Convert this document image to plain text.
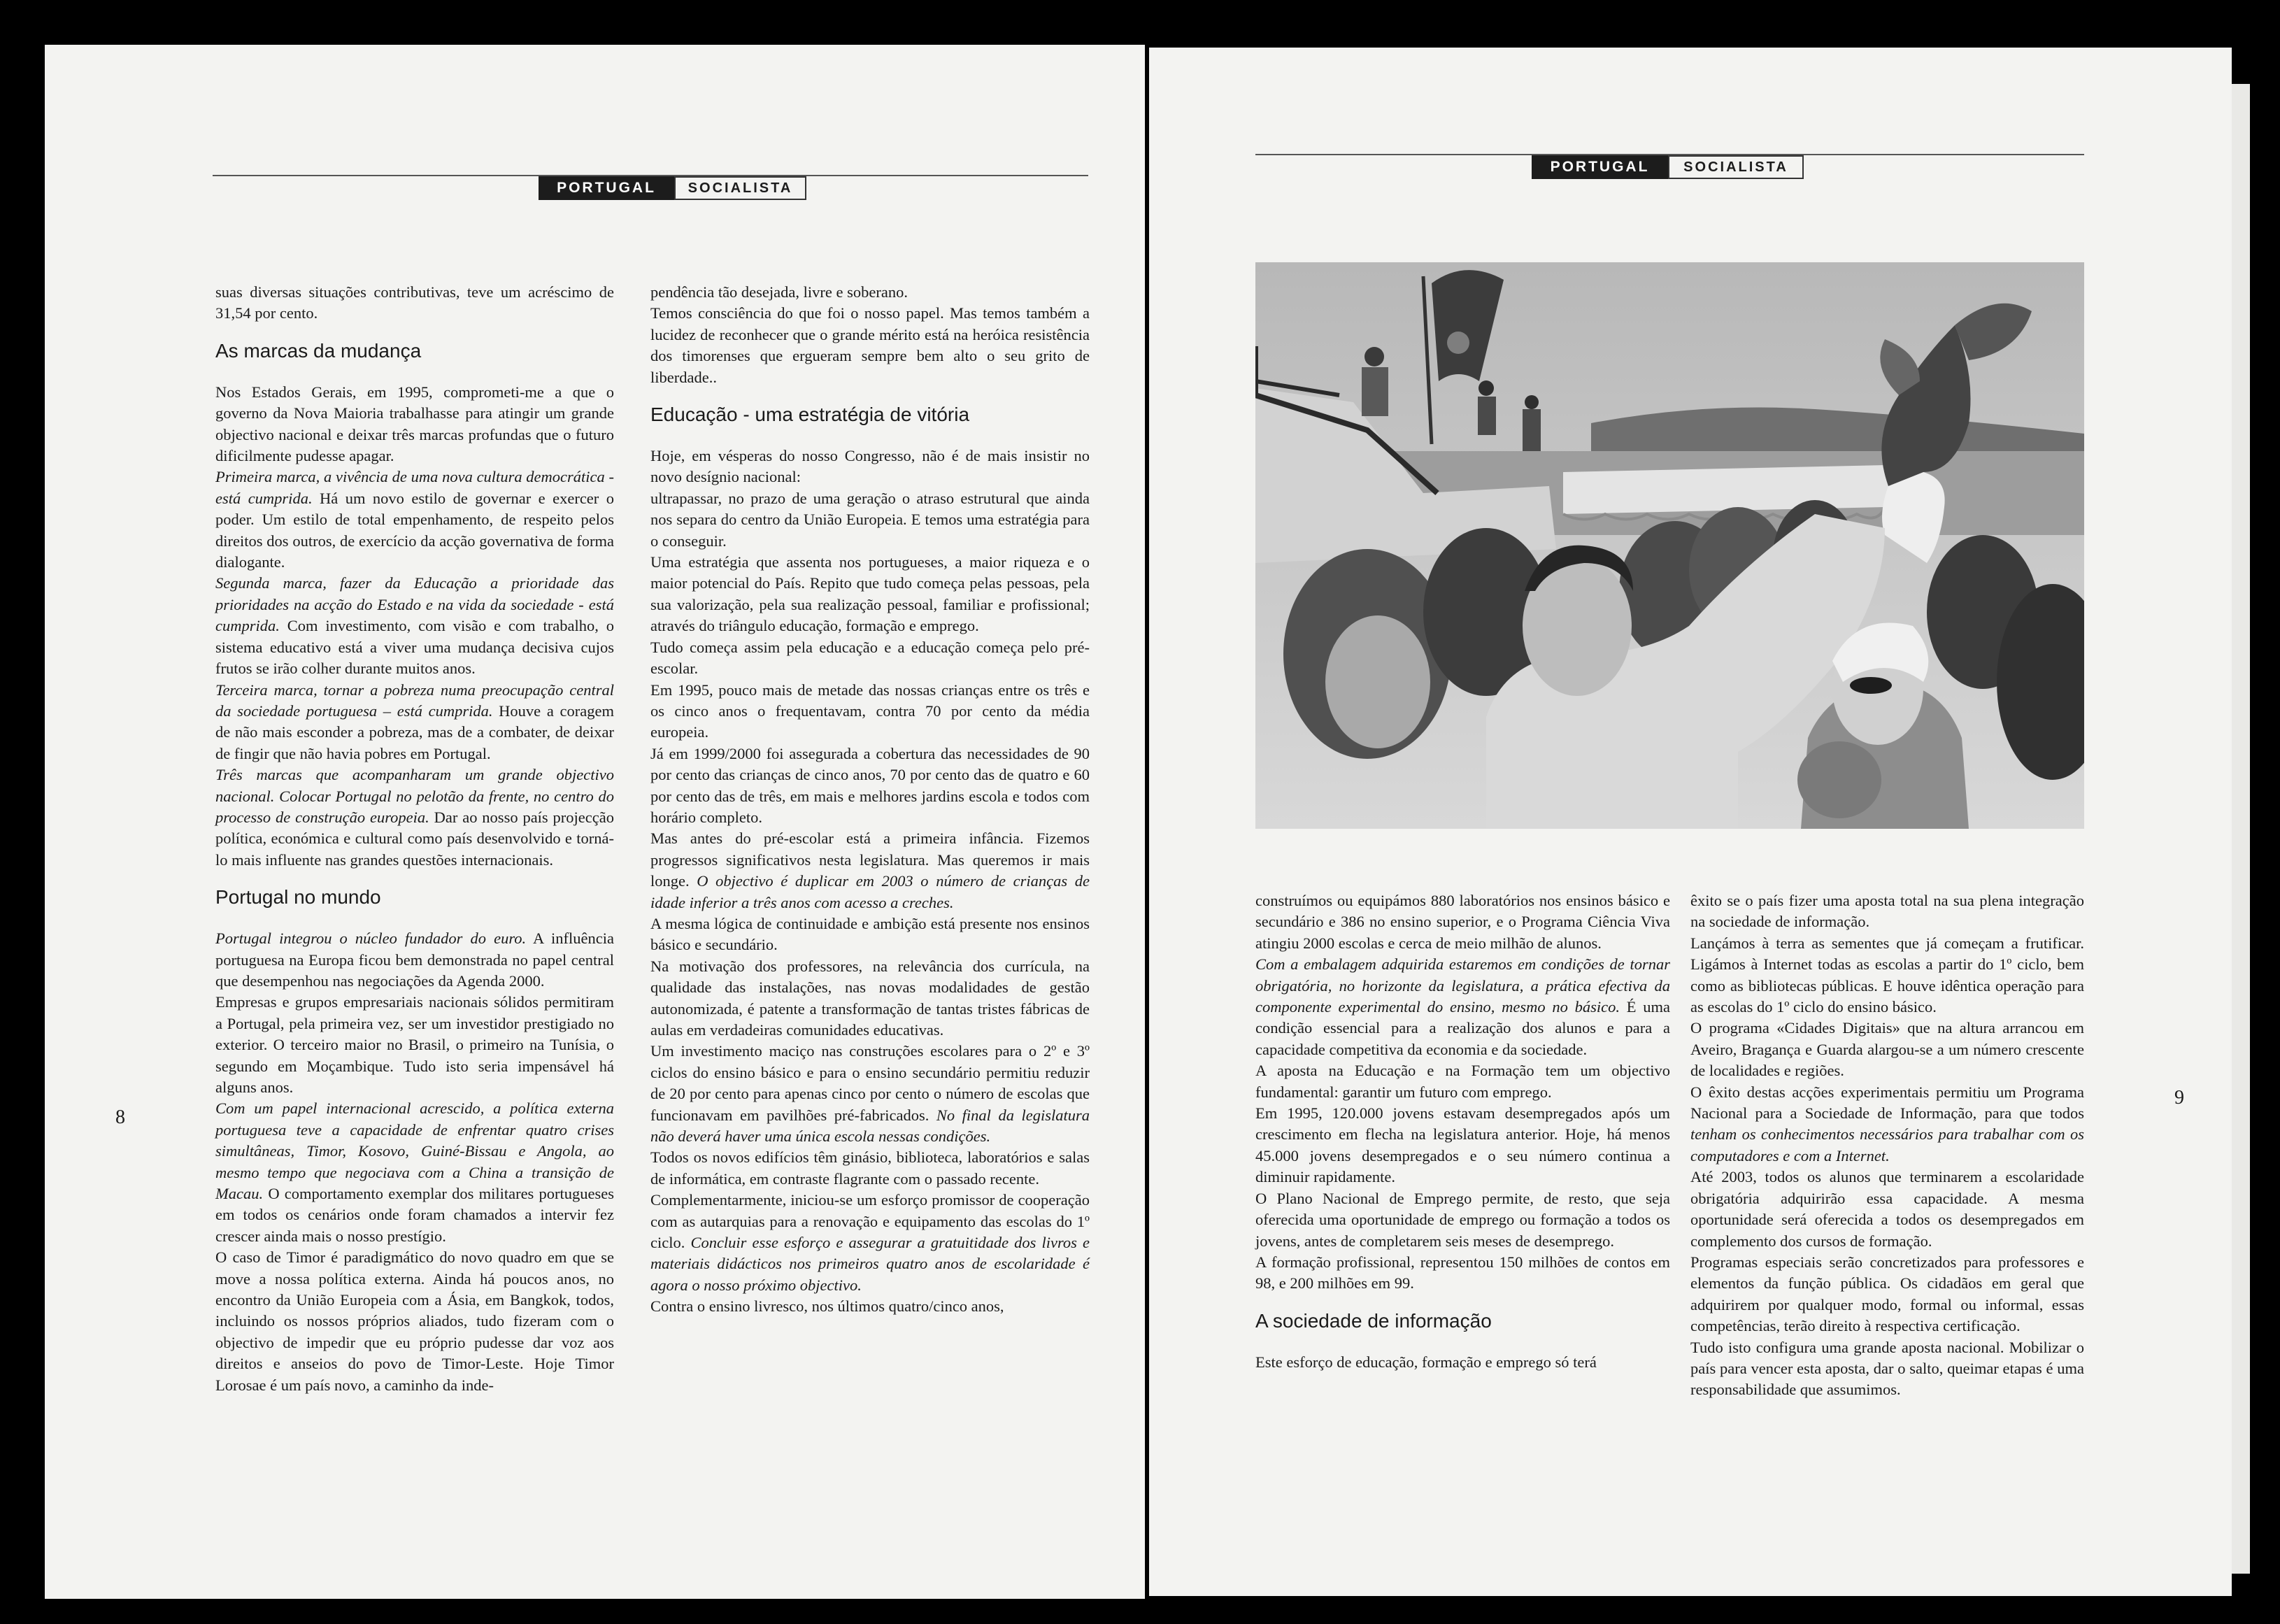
PORTUGAL	SOCIALISTA

suas diversas situações contributivas, teve um acréscimo de 31,54 por cento.

As marcas da mudança

Nos Estados Gerais, em 1995, comprometi-me a que o governo da Nova Maioria trabalhasse para atingir um grande objectivo nacional e deixar três marcas profundas que o futuro dificilmente pudesse apagar.

Primeira marca, a vivência de uma nova cultura democrática - está cumprida. Há um novo estilo de governar e exercer o poder. Um estilo de total empenhamento, de respeito pelos direitos dos outros, de exercício da acção governativa de forma dialogante.

Segunda marca, fazer da Educação a prioridade das prioridades na acção do Estado e na vida da sociedade - está cumprida. Com investimento, com visão e com trabalho, o sistema educativo está a viver uma mudança decisiva cujos frutos se irão colher durante muitos anos.

Terceira marca, tornar a pobreza numa preocupação central da sociedade portuguesa – está cumprida. Houve a coragem de não mais esconder a pobreza, mas de a combater, de deixar de fingir que não havia pobres em Portugal.

Três marcas que acompanharam um grande objectivo nacional. Colocar Portugal no pelotão da frente, no centro do processo de construção europeia. Dar ao nosso país projecção política, económica e cultural como país desenvolvido e torná-lo mais influente nas grandes questões internacionais.

Portugal no mundo

Portugal integrou o núcleo fundador do euro. A influência portuguesa na Europa ficou bem demonstrada no papel central que desempenhou nas negociações da Agenda 2000.

Empresas e grupos empresariais nacionais sólidos permitiram a Portugal, pela primeira vez, ser um investidor prestigiado no exterior. O terceiro maior no Brasil, o primeiro na Tunísia, o segundo em Moçambique. Tudo isto seria impensável há alguns anos.

Com um papel internacional acrescido, a política externa portuguesa teve a capacidade de enfrentar quatro crises simultâneas, Timor, Kosovo, Guiné-Bissau e Angola, ao mesmo tempo que negociava com a China a transição de Macau. O comportamento exemplar dos militares portugueses em todos os cenários onde foram chamados a intervir fez crescer ainda mais o nosso prestígio.

O caso de Timor é paradigmático do novo quadro em que se move a nossa política externa. Ainda há poucos anos, no encontro da União Europeia com a Ásia, em Bangkok, todos, incluindo os nossos próprios aliados, tudo fizeram com o objectivo de impedir que eu próprio pudesse dar voz aos direitos e anseios do povo de Timor-Leste. Hoje Timor Lorosae é um país novo, a caminho da inde-

pendência tão desejada, livre e soberano.

Temos consciência do que foi o nosso papel. Mas temos também a lucidez de reconhecer que o grande mérito está na heróica resistência dos timorenses que ergueram sempre bem alto o seu grito de liberdade..

Educação - uma estratégia de vitória

Hoje, em vésperas do nosso Congresso, não é de mais insistir no novo desígnio nacional:

ultrapassar, no prazo de uma geração o atraso estrutural que ainda nos separa do centro da União Europeia. E temos uma estratégia para o conseguir.

Uma estratégia que assenta nos portugueses, a maior riqueza e o maior potencial do País. Repito que tudo começa pelas pessoas, pela sua valorização, pela sua realização pessoal, familiar e profissional; através do triângulo educação, formação e emprego.

Tudo começa assim pela educação e a educação começa pelo pré-escolar.

Em 1995, pouco mais de metade das nossas crianças entre os três e os cinco anos o frequentavam, contra 70 por cento da média europeia.

Já em 1999/2000 foi assegurada a cobertura das necessidades de 90 por cento das crianças de cinco anos, 70 por cento das de quatro e 60 por cento das de três, em mais e melhores jardins escola e todos com horário completo.

Mas antes do pré-escolar está a primeira infância. Fizemos progressos significativos nesta legislatura. Mas queremos ir mais longe. O objectivo é duplicar em 2003 o número de crianças de idade inferior a três anos com acesso a creches.

A mesma lógica de continuidade e ambição está presente nos ensinos básico e secundário.

Na motivação dos professores, na relevância dos currícula, na qualidade das instalações, nas novas modalidades de gestão autonomizada, é patente a transformação de tantas tristes fábricas de aulas em verdadeiras comunidades educativas.

Um investimento maciço nas construções escolares para o 2º e 3º ciclos do ensino básico e para o ensino secundário permitiu reduzir de 20 por cento para apenas cinco por cento o número de escolas que funcionavam em pavilhões pré-fabricados. No final da legislatura não deverá haver uma única escola nessas condições.

Todos os novos edifícios têm ginásio, biblioteca, laboratórios e salas de informática, em contraste flagrante com o passado recente.

Complementarmente, iniciou-se um esforço promissor de cooperação com as autarquias para a renovação e equipamento das escolas do 1º ciclo. Concluir esse esforço e assegurar a gratuitidade dos livros e materiais didácticos nos primeiros quatro anos de escolaridade é agora o nosso próximo objectivo.

Contra o ensino livresco, nos últimos quatro/cinco anos,

8
PORTUGAL	SOCIALISTA

construímos ou equipámos 880 laboratórios nos ensinos básico e secundário e 386 no ensino superior, e o Programa Ciência Viva atingiu 2000 escolas e cerca de meio milhão de alunos.

Com a embalagem adquirida estaremos em condições de tornar obrigatória, no horizonte da legislatura, a prática efectiva da componente experimental do ensino, mesmo no básico. É uma condição essencial para a realização dos alunos e para a capacidade competitiva da economia e da sociedade.

A aposta na Educação e na Formação tem um objectivo fundamental: garantir um futuro com emprego.

Em 1995, 120.000 jovens estavam desempregados após um crescimento em flecha na legislatura anterior. Hoje, há menos 45.000 jovens desempregados e o seu número continua a diminuir rapidamente.

O Plano Nacional de Emprego permite, de resto, que seja oferecida uma oportunidade de emprego ou formação a todos os jovens, antes de completarem seis meses de desemprego.

A formação profissional, representou 150 milhões de contos em 98, e 200 milhões em 99.

A sociedade de informação

Este esforço de educação, formação e emprego só terá

êxito se o país fizer uma aposta total na sua plena integração na sociedade de informação.

Lançámos à terra as sementes que já começam a frutificar. Ligámos à Internet todas as escolas a partir do 1º ciclo, bem como as bibliotecas públicas. E houve idêntica operação para as escolas do 1º ciclo do ensino básico.

O programa «Cidades Digitais» que na altura arrancou em Aveiro, Bragança e Guarda alargou-se a um número crescente de localidades e regiões.

O êxito destas acções experimentais permitiu um Programa Nacional para a Sociedade de Informação, para que todos tenham os conhecimentos necessários para trabalhar com os computadores e com a Internet.

Até 2003, todos os alunos que terminarem a escolaridade obrigatória adquirirão essa capacidade. A mesma oportunidade será oferecida a todos os desempregados em complemento dos cursos de formação.

Programas especiais serão concretizados para professores e elementos da função pública. Os cidadãos em geral que adquirirem por qualquer modo, formal ou informal, essas competências, terão direito à respectiva certificação.

Tudo isto configura uma grande aposta nacional. Mobilizar o país para vencer esta aposta, dar o salto, queimar etapas é uma responsabilidade que assumimos.

9
